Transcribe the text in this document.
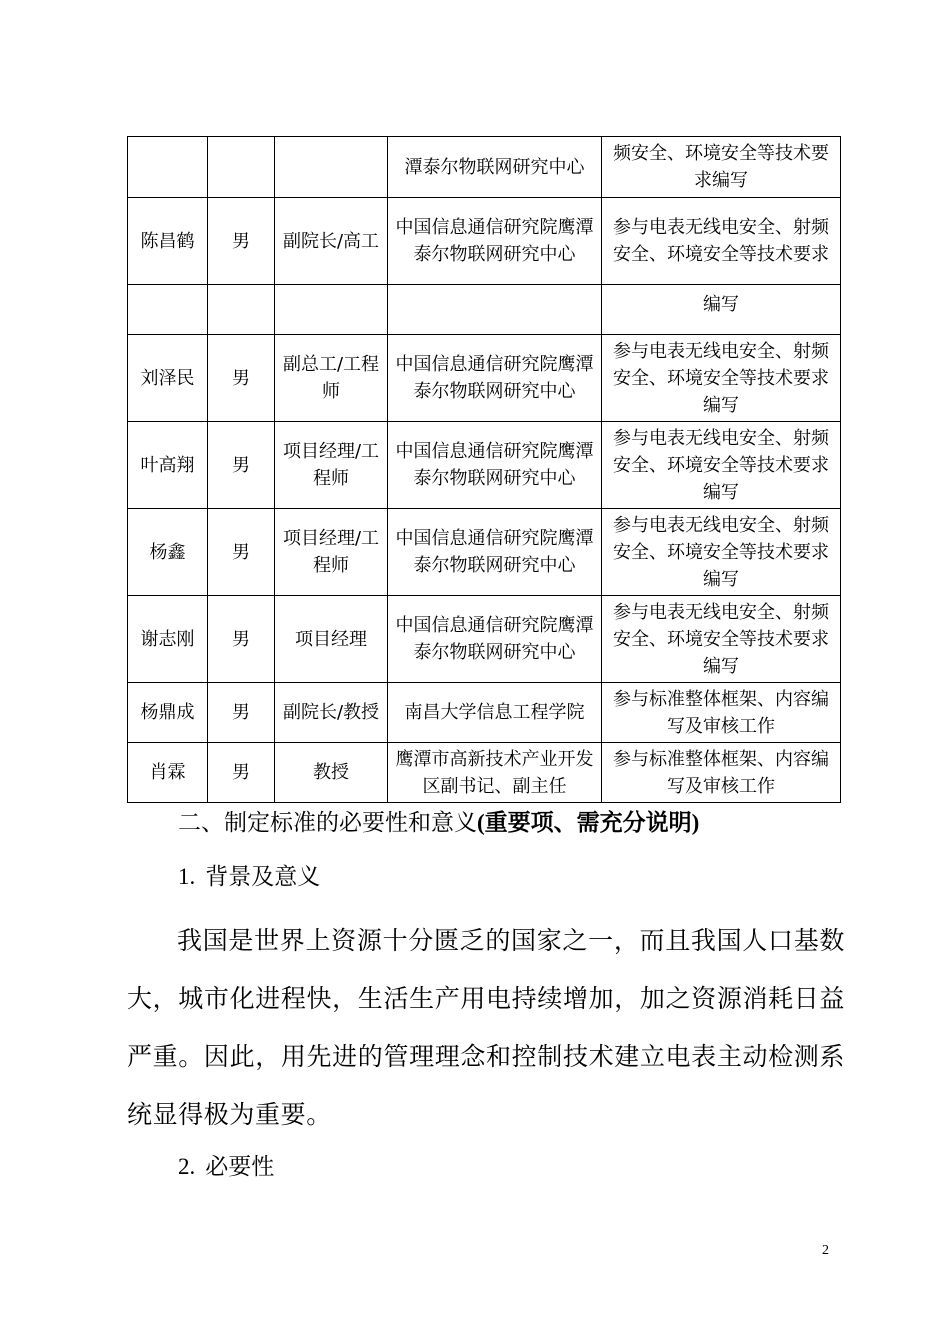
			潭泰尔物联网研究中心	频安全、环境安全等技术要求编写
陈昌鹤	男	副院长/高工	中国信息通信研究院鹰潭泰尔物联网研究中心	参与电表无线电安全、射频安全、环境安全等技术要求
				编写
刘泽民	男	副总工/工程师	中国信息通信研究院鹰潭泰尔物联网研究中心	参与电表无线电安全、射频安全、环境安全等技术要求编写
叶高翔	男	项目经理/工程师	中国信息通信研究院鹰潭泰尔物联网研究中心	参与电表无线电安全、射频安全、环境安全等技术要求编写
杨鑫	男	项目经理/工程师	中国信息通信研究院鹰潭泰尔物联网研究中心	参与电表无线电安全、射频安全、环境安全等技术要求编写
谢志刚	男	项目经理	中国信息通信研究院鹰潭泰尔物联网研究中心	参与电表无线电安全、射频安全、环境安全等技术要求编写
杨鼎成	男	副院长/教授	南昌大学信息工程学院	参与标准整体框架、内容编写及审核工作
肖霖	男	教授	鹰潭市高新技术产业开发区副书记、副主任	参与标准整体框架、内容编写及审核工作
二、制定标准的必要性和意义(重要项、需充分说明)
1. 背景及意义

我国是世界上资源十分匮乏的国家之一，而且我国人口基数大，城市化进程快，生活生产用电持续增加，加之资源消耗日益严重。因此，用先进的管理理念和控制技术建立电表主动检测系统显得极为重要。

2. 必要性
2
